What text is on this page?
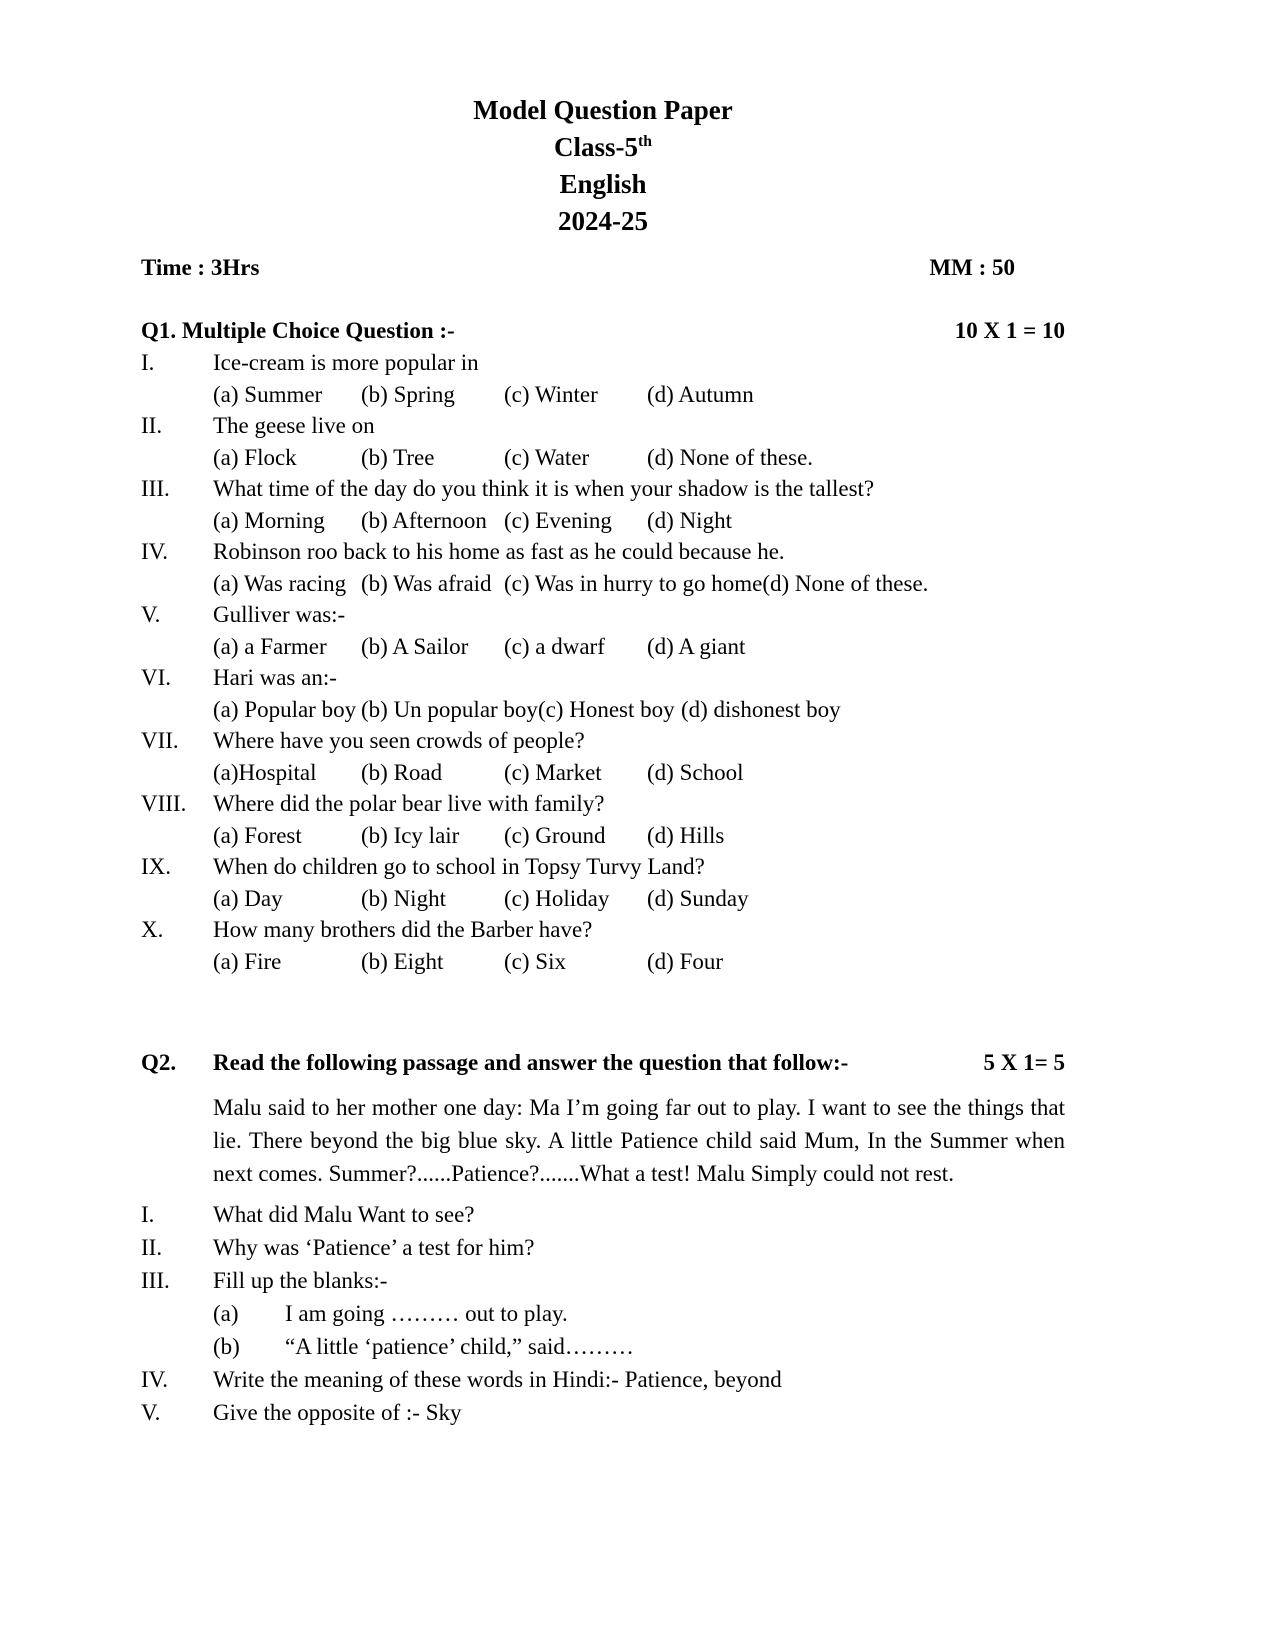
Model Question Paper
Class-5th
English
2024-25
Time : 3Hrs	MM : 50
Q1. Multiple Choice Question :-	10 X 1 = 10
I.	Ice-cream is more popular in
(a) Summer	(b) Spring	(c) Winter	(d) Autumn
II.	The geese live on
(a) Flock	(b) Tree	(c) Water	(d) None of these.
III.	What time of the day do you think it is when your shadow is the tallest?
(a) Morning	(b) Afternoon (c) Evening	(d) Night
IV.	Robinson roo back to his home as fast as he could because he.
(a) Was racing (b) Was afraid (c) Was in hurry to go home (d) None of these.
V.	Gulliver was:-
(a) a Farmer	(b) A Sailor	(c) a dwarf	(d) A giant
VI.	Hari was an:-
(a) Popular boy (b) Un popular boy (c) Honest boy (d) dishonest boy
VII.	Where have you seen crowds of people?
(a)Hospital	(b) Road	(c) Market	(d) School
VIII.	Where did the polar bear live with family?
(a) Forest	(b) Icy lair	(c) Ground	(d) Hills
IX.	When do children go to school in Topsy Turvy Land?
(a) Day	(b) Night	(c) Holiday	(d) Sunday
X.	How many brothers did the Barber have?
(a) Fire	(b) Eight	(c) Six	(d) Four
Q2.	Read the following passage and answer the question that follow:-	5 X 1= 5

Malu said to her mother one day: Ma I’m going far out to play. I want to see the things that lie. There beyond the big blue sky. A little Patience child said Mum, In the Summer when next comes. Summer?......Patience?.......What a test! Malu Simply could not rest.

I.	What did Malu Want to see?
II.	Why was ‘Patience’ a test for him?
III.	Fill up the blanks:-
(a)	I am going ……… out to play.
(b)	“A little ‘patience’ child,” said………
IV.	Write the meaning of these words in Hindi:- Patience, beyond
V.	Give the opposite of :- Sky
